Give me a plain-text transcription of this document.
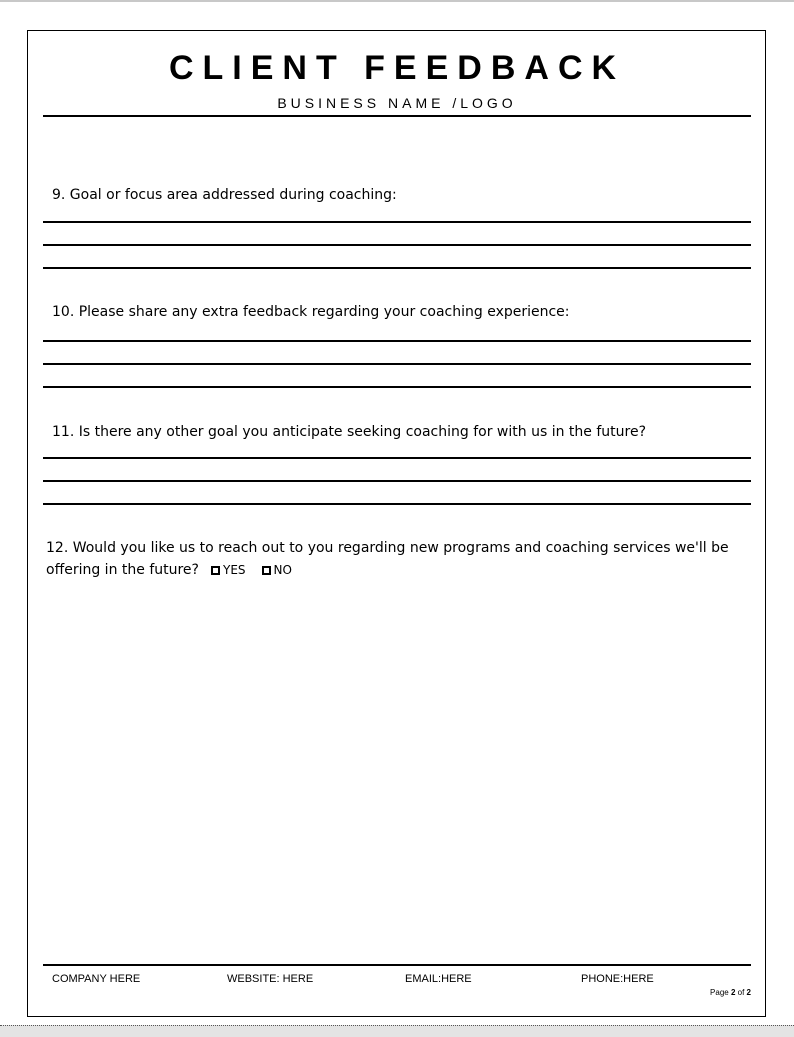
CLIENT FEEDBACK
BUSINESS NAME /LOGO
9. Goal or focus area addressed during coaching:
10. Please share any extra feedback regarding your coaching experience:
11. Is there any other goal you anticipate seeking coaching for with us in the future?
12. Would you like us to reach out to you regarding new programs and coaching services we'll be offering in the future? YES NO
COMPANY HERE	WEBSITE: HERE	EMAIL:HERE	PHONE:HERE
Page 2 of 2
